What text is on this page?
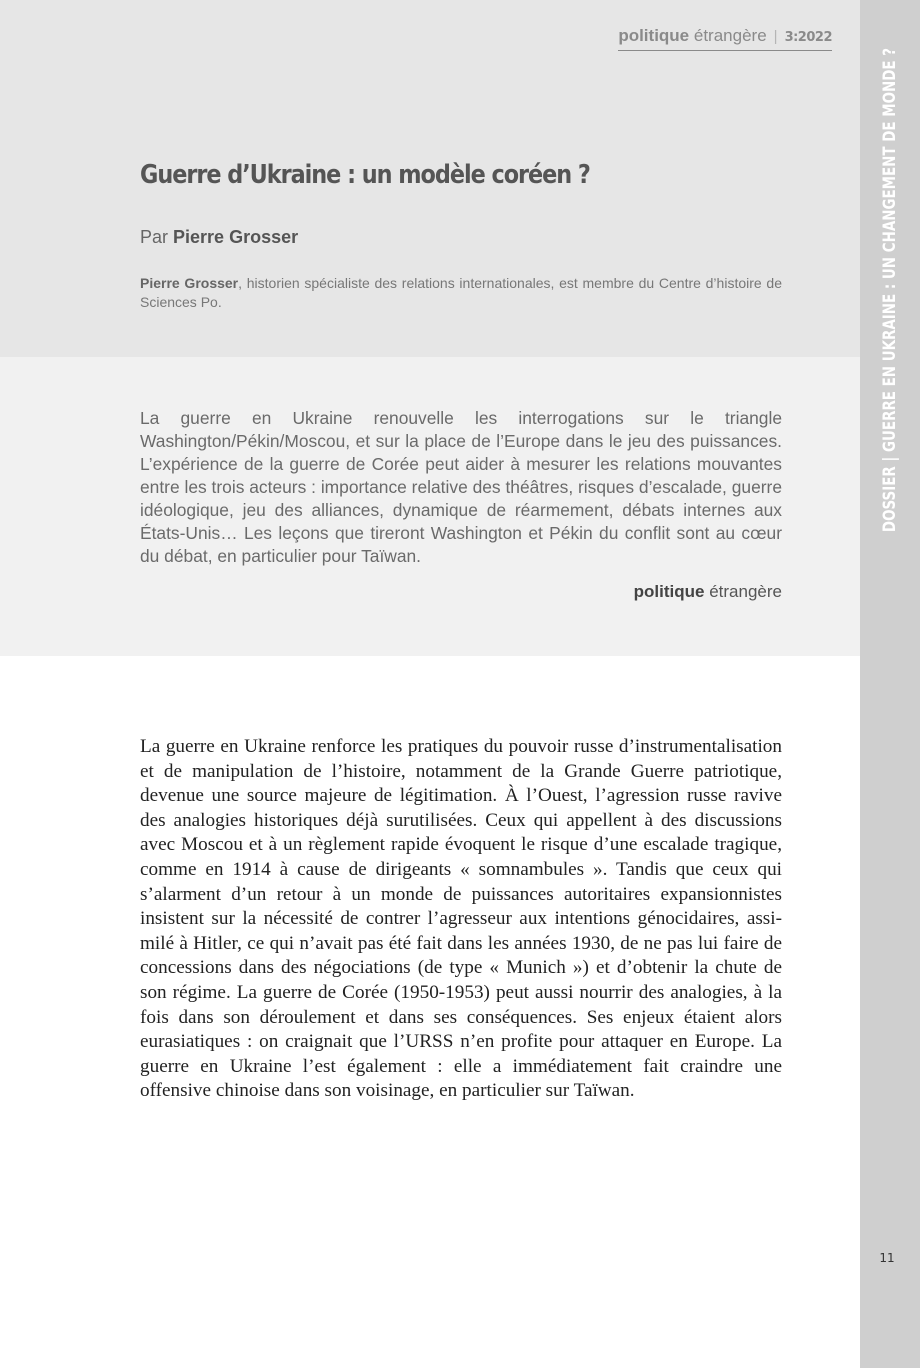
politique étrangère | 3:2022
Guerre d’Ukraine : un modèle coréen ?
Par Pierre Grosser
Pierre Grosser, historien spécialiste des relations internationales, est membre du Centre d’histoire de Sciences Po.
La guerre en Ukraine renouvelle les interrogations sur le triangle Washington/Pékin/Moscou, et sur la place de l’Europe dans le jeu des puissances. L’expérience de la guerre de Corée peut aider à mesurer les relations mouvantes entre les trois acteurs : importance relative des théâtres, risques d’escalade, guerre idéologique, jeu des alliances, dynamique de réarmement, débats internes aux États-Unis… Les leçons que tireront Washington et Pékin du conflit sont au cœur du débat, en particulier pour Taïwan.
politique étrangère
La guerre en Ukraine renforce les pratiques du pouvoir russe d’instrumentalisation et de manipulation de l’histoire, notamment de la Grande Guerre patriotique, devenue une source majeure de légitimation. À l’Ouest, l’agression russe ravive des analogies historiques déjà surutilisées. Ceux qui appellent à des discussions avec Moscou et à un règlement rapide évoquent le risque d’une escalade tragique, comme en 1914 à cause de dirigeants « somnambules ». Tandis que ceux qui s’alarment d’un retour à un monde de puissances autoritaires expansionnistes insistent sur la nécessité de contrer l’agresseur aux intentions génocidaires, assimilé à Hitler, ce qui n’avait pas été fait dans les années 1930, de ne pas lui faire de concessions dans des négociations (de type « Munich ») et d’obtenir la chute de son régime. La guerre de Corée (1950-1953) peut aussi nourrir des analogies, à la fois dans son déroulement et dans ses conséquences. Ses enjeux étaient alors eurasiatiques : on craignait que l’URSS n’en profite pour attaquer en Europe. La guerre en Ukraine l’est également : elle a immédiatement fait craindre une offensive chinoise dans son voisinage, en particulier sur Taïwan.
DOSSIER | GUERRE EN UKRAINE : UN CHANGEMENT DE MONDE ?
11
